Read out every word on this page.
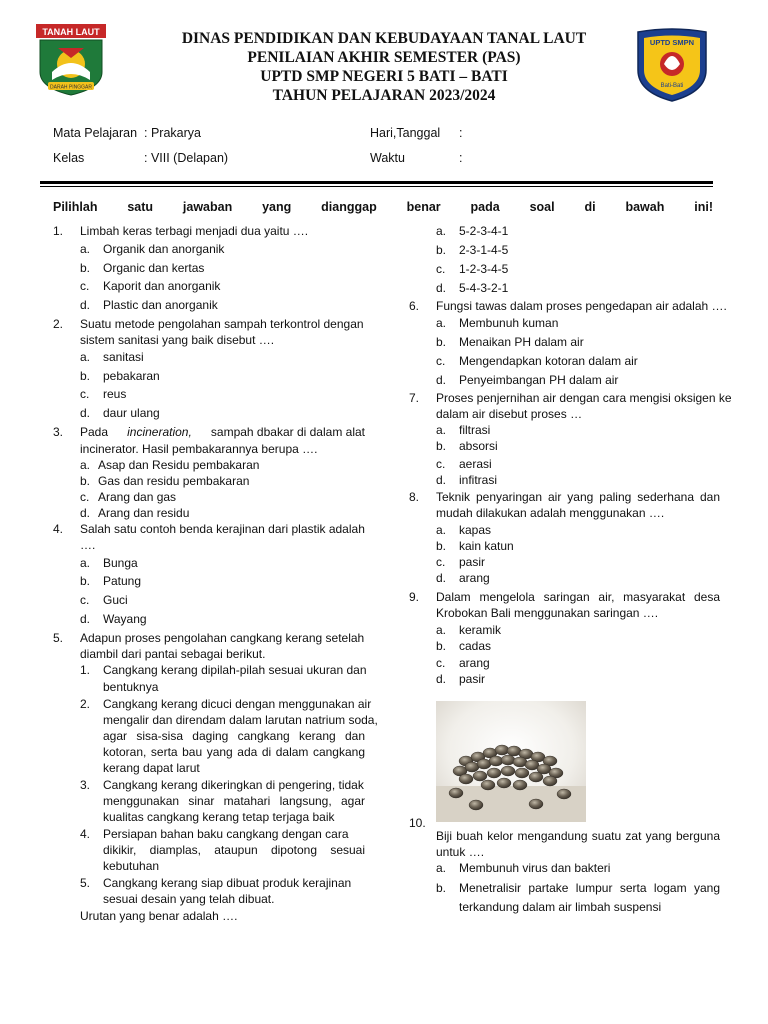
TANAH LAUT
DARAH PINGGAR
UPTD SMPN
Bati-Bati
DINAS PENDIDIKAN DAN KEBUDAYAAN TANAL LAUT
PENILAIAN AKHIR SEMESTER (PAS)
UPTD SMP NEGERI 5 BATI – BATI
TAHUN PELAJARAN 2023/2024
Mata Pelajaran : Prakarya
Kelas	: VIII (Delapan)
Hari,Tanggal :
Waktu	:
Pilihlah satu jawaban yang dianggap benar pada soal di bawah ini!
1. Limbah keras terbagi menjadi dua yaitu ….
a. Organik dan anorganik
b. Organic dan kertas
c. Kaporit dan anorganik
d. Plastic dan anorganik
2. Suatu metode pengolahan sampah terkontrol dengan
sistem sanitasi yang baik disebut ….
a. sanitasi
b. pebakaran
c. reus
d. daur ulang
3. Pada incineration, sampah dbakar di dalam alat
incinerator. Hasil pembakarannya berupa ….
a. Asap dan Residu pembakaran
b. Gas dan residu pembakaran
c. Arang dan gas
d. Arang dan residu
4. Salah satu contoh benda kerajinan dari plastik adalah
….
a. Bunga
b. Patung
c. Guci
d. Wayang
5. Adapun proses pengolahan cangkang kerang setelah
diambil dari pantai sebagai berikut.
1. Cangkang kerang dipilah-pilah sesuai ukuran dan
bentuknya
2. Cangkang kerang dicuci dengan menggunakan air
mengalir dan direndam dalam larutan natrium soda,
agar sisa-sisa daging cangkang kerang dan
kotoran, serta bau yang ada di dalam cangkang
kerang dapat larut
3. Cangkang kerang dikeringkan di pengering, tidak
menggunakan sinar matahari langsung, agar
kualitas cangkang kerang tetap terjaga baik
4. Persiapan bahan baku cangkang dengan cara
dikikir, diamplas, ataupun dipotong sesuai
kebutuhan
5. Cangkang kerang siap dibuat produk kerajinan
sesuai desain yang telah dibuat.
Urutan yang benar adalah ….
a. 5-2-3-4-1
b. 2-3-1-4-5
c. 1-2-3-4-5
d. 5-4-3-2-1
6. Fungsi tawas dalam proses pengedapan air adalah ….
a. Membunuh kuman
b. Menaikan PH dalam air
c. Mengendapkan kotoran dalam air
d. Penyeimbangan PH dalam air
7. Proses penjernihan air dengan cara mengisi oksigen ke
dalam air disebut proses …
a. filtrasi
b. absorsi
c. aerasi
d. infitrasi
8. Teknik penyaringan air yang paling sederhana dan
mudah dilakukan adalah menggunakan ….
a. kapas
b. kain katun
c. pasir
d. arang
9. Dalam mengelola saringan air, masyarakat desa
Krobokan Bali menggunakan saringan ….
a. keramik
b. cadas
c. arang
d. pasir
10.
Biji buah kelor mengandung suatu zat yang berguna
untuk ….
a. Membunuh virus dan bakteri
b. Menetralisir partake lumpur serta logam yang
terkandung dalam air limbah suspensi
